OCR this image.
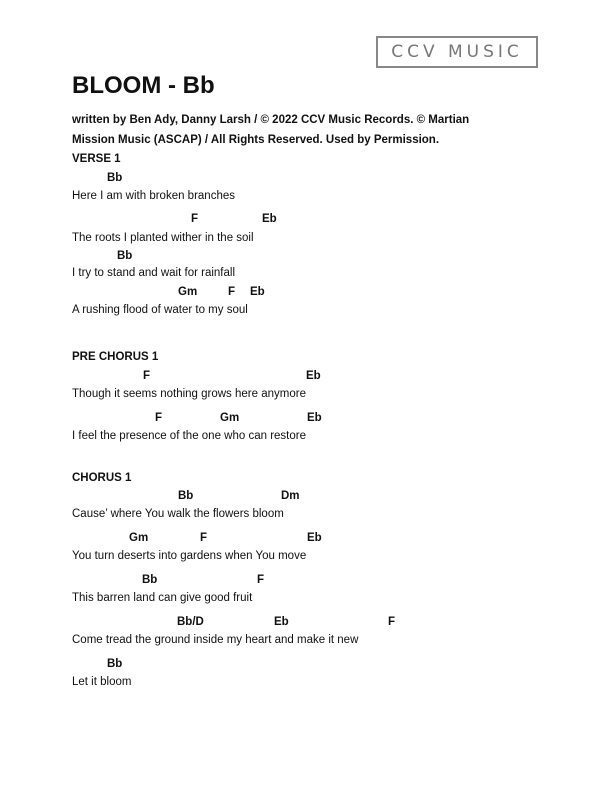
CCV MUSIC
BLOOM - Bb
written by Ben Ady, Danny Larsh / © 2022 CCV Music Records. © Martian Mission Music (ASCAP) / All Rights Reserved. Used by Permission.
VERSE 1
Bb
Here I am with broken branches
F	Eb
The roots I planted wither in the soil
Bb
I try to stand and wait for rainfall
Gm	F Eb
A rushing flood of water to my soul
PRE CHORUS 1
F	Eb
Though it seems nothing grows here anymore
F	Gm	Eb
I feel the presence of the one who can restore
CHORUS 1
Bb	Dm
Cause’ where You walk the flowers bloom
Gm	F	Eb
You turn deserts into gardens when You move
Bb	F
This barren land can give good fruit
Bb/D	Eb	F
Come tread the ground inside my heart and make it new
Bb
Let it bloom
